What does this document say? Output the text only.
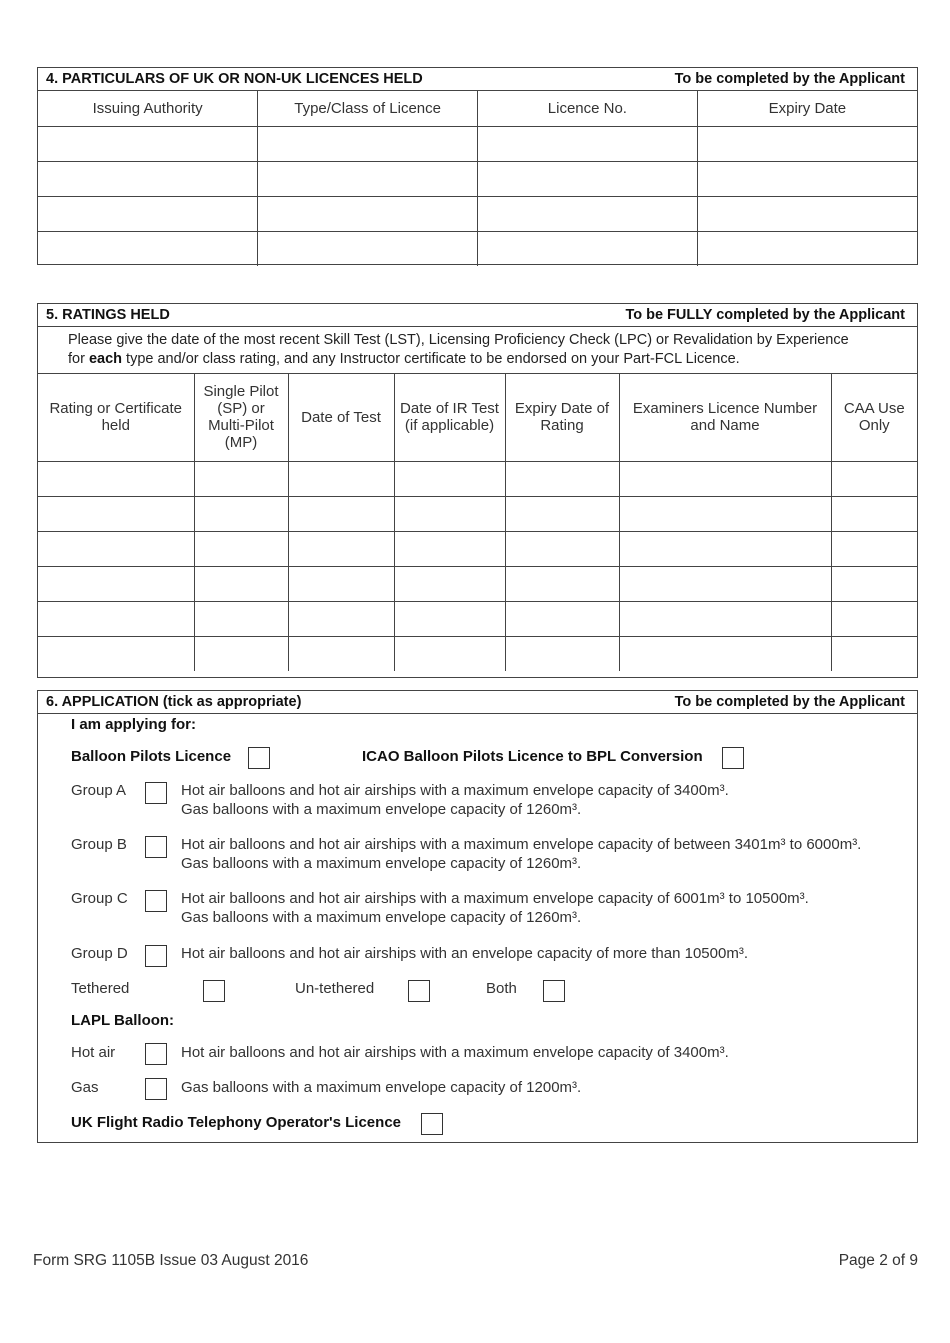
4. PARTICULARS OF UK OR NON-UK LICENCES HELD	To be completed by the Applicant
Issuing Authority	Type/Class of Licence	Licence No.	Expiry Date

5. RATINGS HELD	To be FULLY completed by the Applicant
Please give the date of the most recent Skill Test (LST), Licensing Proficiency Check (LPC) or Revalidation by Experience
for each type and/or class rating, and any Instructor certificate to be endorsed on your Part-FCL Licence.
Rating or Certificate held	Single Pilot (SP) or Multi-Pilot (MP)	Date of Test	Date of IR Test (if applicable)	Expiry Date of Rating	Examiners Licence Number and Name	CAA Use Only

6. APPLICATION (tick as appropriate)	To be completed by the Applicant
I am applying for:
Balloon Pilots Licence	ICAO Balloon Pilots Licence to BPL Conversion
Group A	Hot air balloons and hot air airships with a maximum envelope capacity of 3400m³.
Gas balloons with a maximum envelope capacity of 1260m³.
Group B	Hot air balloons and hot air airships with a maximum envelope capacity of between 3401m³ to 6000m³.
Gas balloons with a maximum envelope capacity of 1260m³.
Group C	Hot air balloons and hot air airships with a maximum envelope capacity of 6001m³ to 10500m³.
Gas balloons with a maximum envelope capacity of 1260m³.
Group D	Hot air balloons and hot air airships with an envelope capacity of more than 10500m³.
Tethered	Un-tethered	Both
LAPL Balloon:
Hot air	Hot air balloons and hot air airships with a maximum envelope capacity of 3400m³.
Gas	Gas balloons with a maximum envelope capacity of 1200m³.
UK Flight Radio Telephony Operator's Licence
Form SRG 1105B Issue 03 August 2016	Page 2 of 9
